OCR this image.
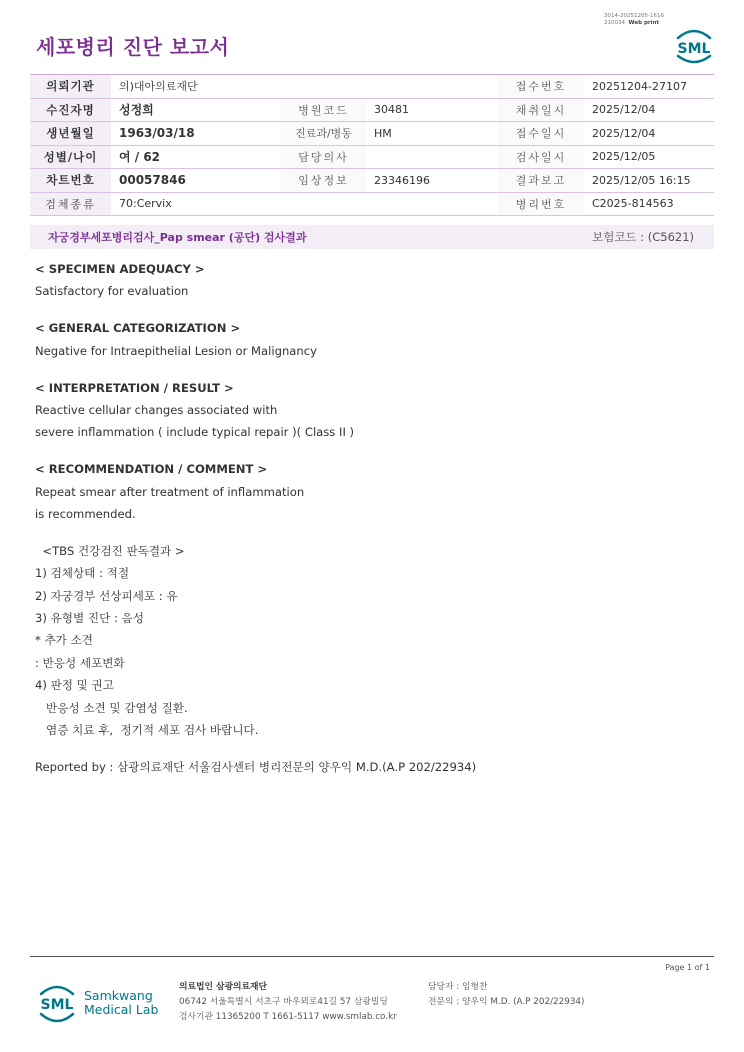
3014-20251205-1616
210034 Web print
세포병리 진단 보고서	SML
의뢰기관	의)대아의료재단			접수번호	20251204-27107
수진자명	성정희	병원코드	30481	채취일시	2025/12/04
생년월일	1963/03/18	진료과/병동	HM	접수일시	2025/12/04
성별/나이	여 / 62	담당의사		검사일시	2025/12/05
차트번호	00057846	임상정보	23346196	결과보고	2025/12/05 16:15
검체종류	70:Cervix			병리번호	C2025-814563
자궁경부세포병리검사_Pap smear (공단) 검사결과	보험코드 : (C5621)
< SPECIMEN ADEQUACY >
Satisfactory for evaluation
< GENERAL CATEGORIZATION >
Negative for Intraepithelial Lesion or Malignancy
< INTERPRETATION / RESULT >
Reactive cellular changes associated with
severe inflammation ( include typical repair )( Class II )
< RECOMMENDATION / COMMENT >
Repeat smear after treatment of inflammation
is recommended.
<TBS 건강검진 판독결과 >
1) 검체상태 : 적절
2) 자궁경부 선상피세포 : 유
3) 유형별 진단 : 음성
* 추가 소견
: 반응성 세포변화
4) 판정 및 권고
반응성 소견 및 감염성 질환.
염증 치료 후,  정기적 세포 검사 바랍니다.
Reported by : 삼광의료재단 서울검사센터 병리전문의 양우익 M.D.(A.P 202/22934)
Page 1 of 1
SML
Samkwang
Medical Lab
의료법인 삼광의료재단
06742 서울특별시 서초구 바우뫼로41길 57 삼광빌딩
검사기관 11365200 T 1661-5117 www.smlab.co.kr
담당자 : 임형찬
전문의 : 양우익 M.D. (A.P 202/22934)
